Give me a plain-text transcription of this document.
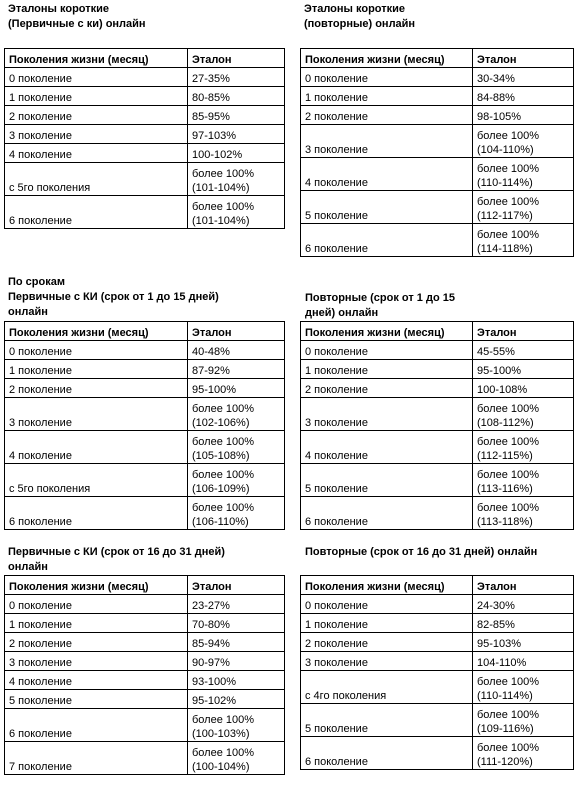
Эталоны короткие
(Первичные с ки) онлайн
Поколения жизни (месяц)	Эталон
0 поколение	27-35%

1 поколение	80-85%

2 поколение	85-95%

3 поколение	97-103%

4 поколение	100-102%

с 5го поколения	более 100%
(101-104%)

6 поколение	более 100%
(101-104%)
Эталоны короткие
(повторные) онлайн
Поколения жизни (месяц)	Эталон
0 поколение	30-34%

1 поколение	84-88%

2 поколение	98-105%

3 поколение	более 100%
(104-110%)

4 поколение	более 100%
(110-114%)

5 поколение	более 100%
(112-117%)

6 поколение	более 100%
(114-118%)
По срокам
Первичные с КИ (срок от 1 до 15 дней)
онлайн
Поколения жизни (месяц)	Эталон
0 поколение	40-48%

1 поколение	87-92%

2 поколение	95-100%

3 поколение	более 100%
(102-106%)

4 поколение	более 100%
(105-108%)

с 5го поколения	более 100%
(106-109%)

6 поколение	более 100%
(106-110%)
Повторные (срок от 1 до 15
дней) онлайн
Поколения жизни (месяц)	Эталон
0 поколение	45-55%

1 поколение	95-100%

2 поколение	100-108%

3 поколение	более 100%
(108-112%)

4 поколение	более 100%
(112-115%)

5 поколение	более 100%
(113-116%)

6 поколение	более 100%
(113-118%)
Первичные с КИ (срок от 16 до 31 дней)
онлайн
Поколения жизни (месяц)	Эталон
0 поколение	23-27%

1 поколение	70-80%

2 поколение	85-94%

3 поколение	90-97%

4 поколение	93-100%

5 поколение	95-102%

6 поколение	более 100%
(100-103%)

7 поколение	более 100%
(100-104%)
Повторные (срок от 16 до 31 дней) онлайн
Поколения жизни (месяц)	Эталон
0 поколение	24-30%

1 поколение	82-85%

2 поколение	95-103%

3 поколение	104-110%

с 4го поколения	более 100%
(110-114%)

5 поколение	более 100%
(109-116%)

6 поколение	более 100%
(111-120%)
